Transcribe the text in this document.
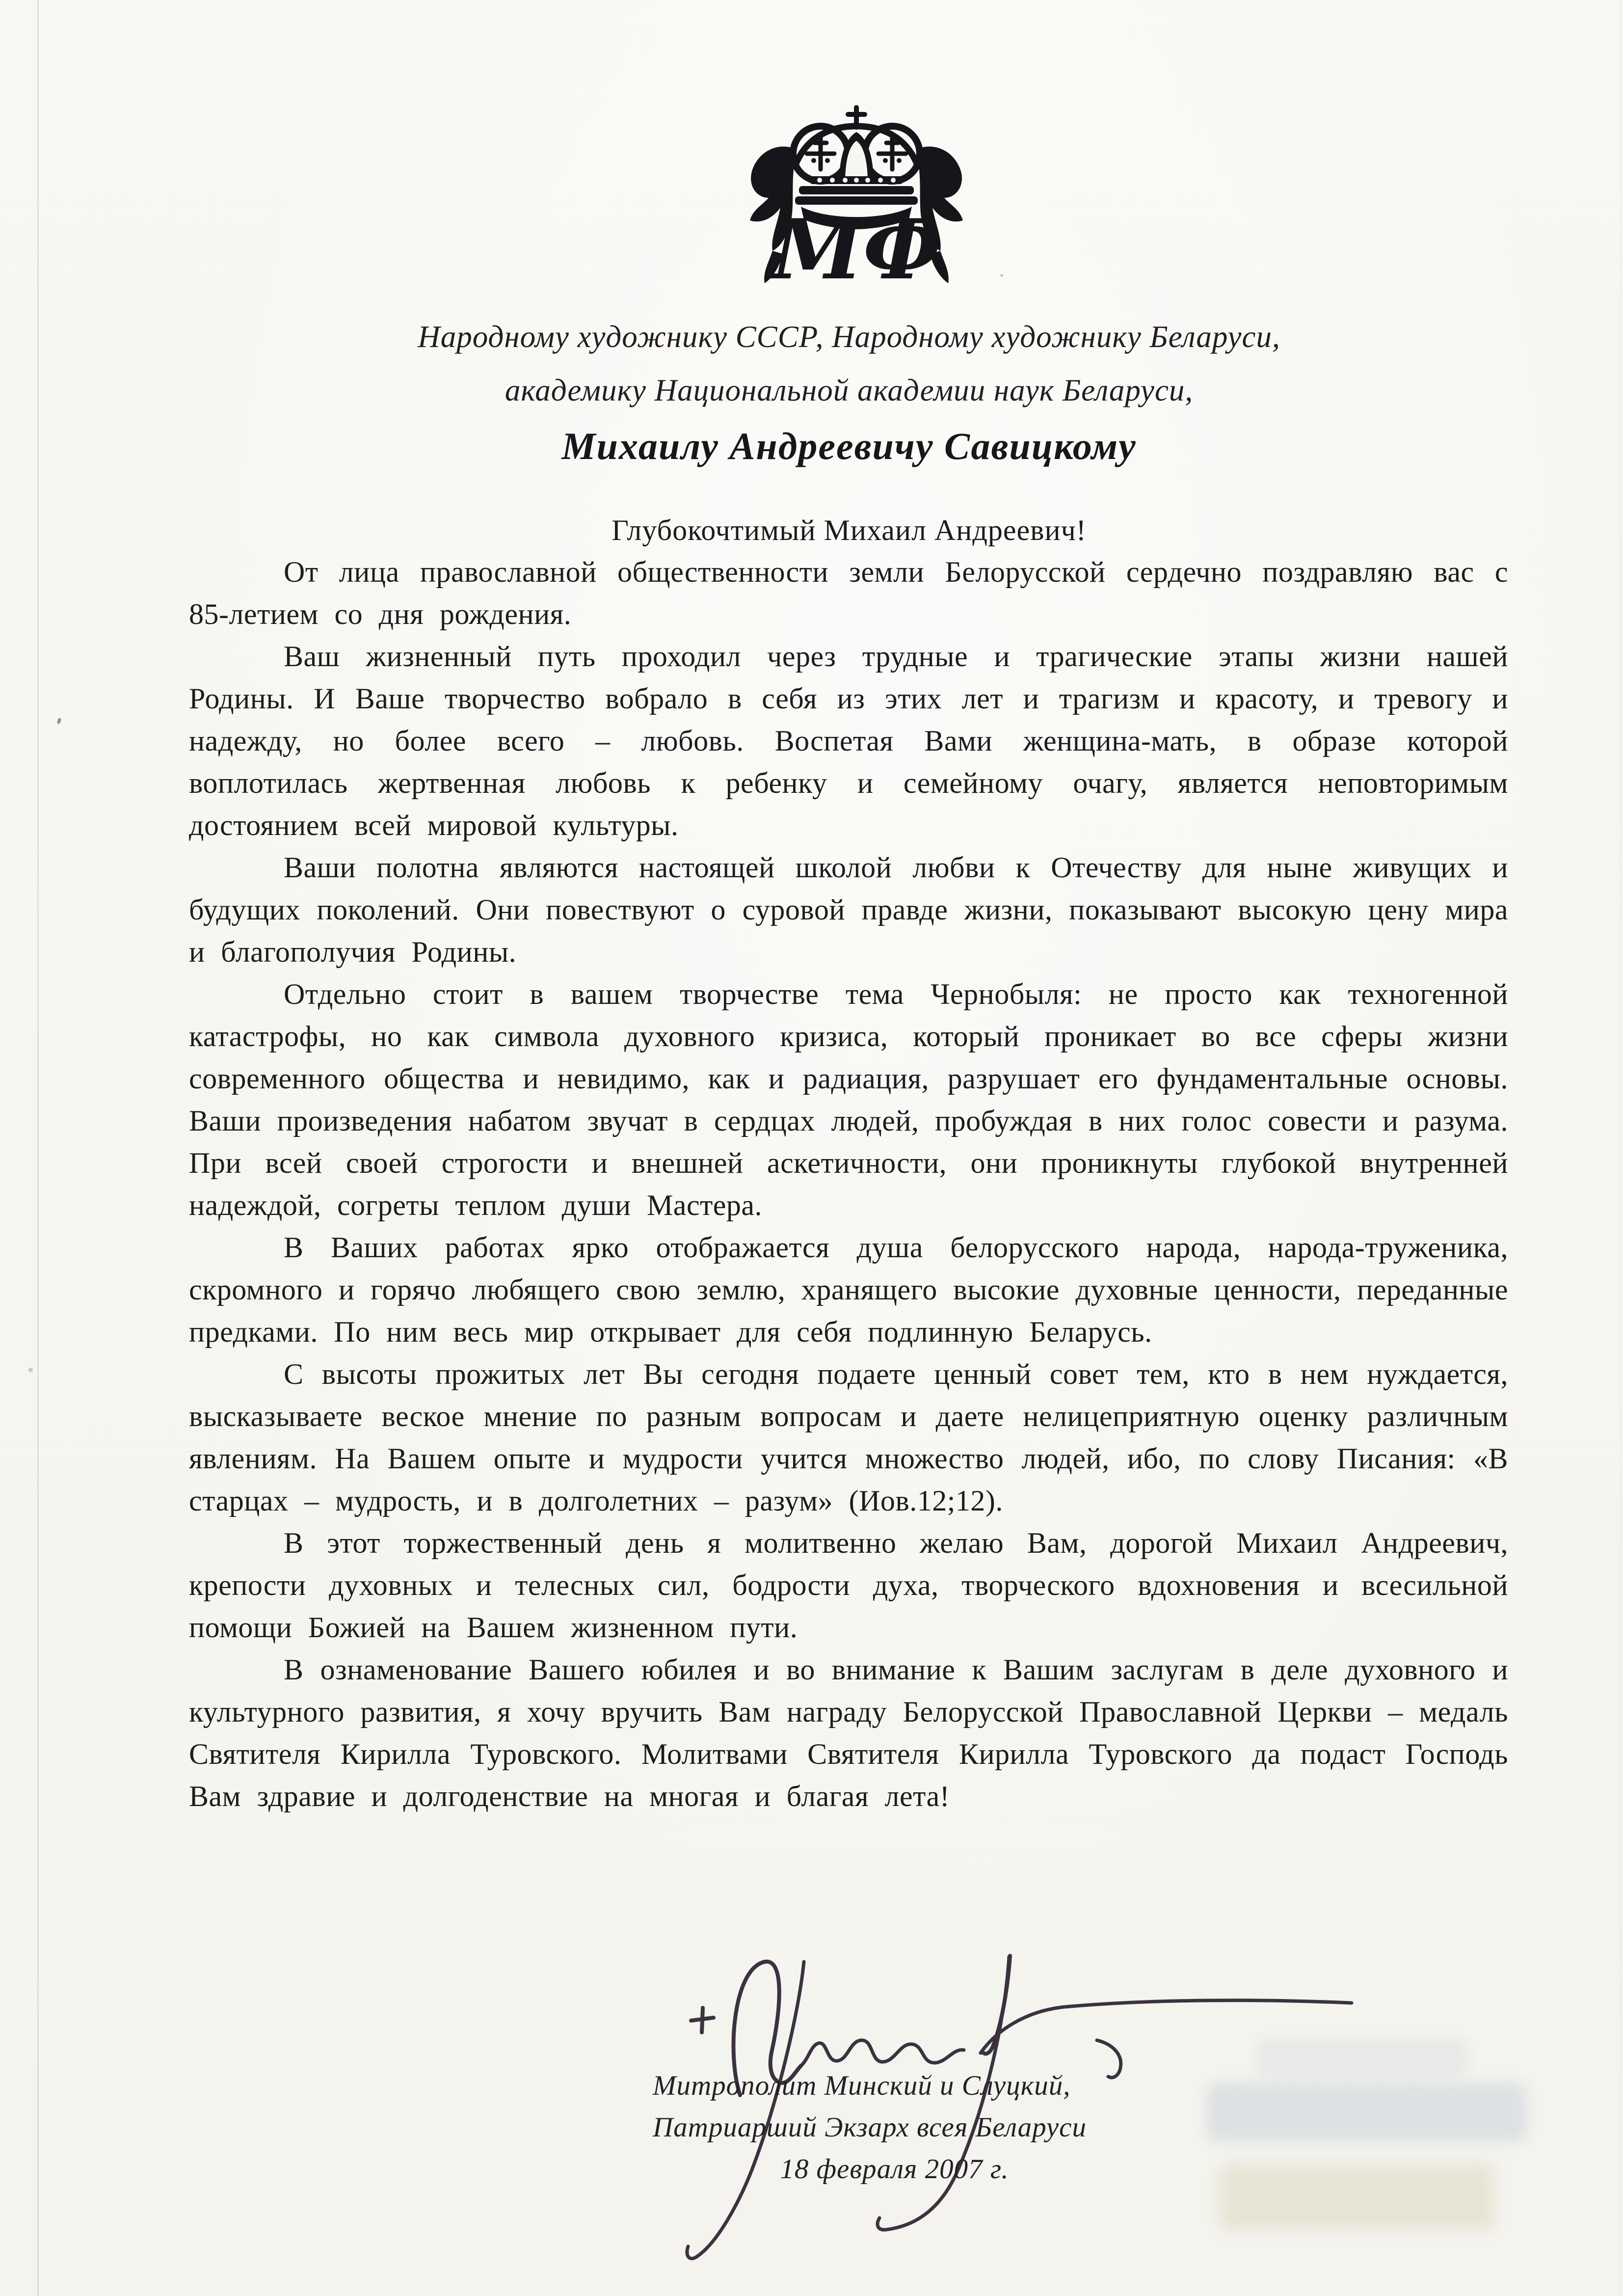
МФ
Народному художнику СССР, Народному художнику Беларуси,
академику Национальной академии наук Беларуси,
Михаилу Андреевичу Савицкому
Глубокочтимый Михаил Андреевич!

От лица православной общественности земли Белорусской сердечно поздравляю вас с 85-летием со дня рождения.

Ваш жизненный путь проходил через трудные и трагические этапы жизни нашей Родины. И Ваше творчество вобрало в себя из этих лет и трагизм и красоту, и тревогу и надежду, но более всего – любовь. Воспетая Вами женщина-мать, в образе которой воплотилась жертвенная любовь к ребенку и семейному очагу, является неповторимым достоянием всей мировой культуры.

Ваши полотна являются настоящей школой любви к Отечеству для ныне живущих и будущих поколений. Они повествуют о суровой правде жизни, показывают высокую цену мира и благополучия Родины.

Отдельно стоит в вашем творчестве тема Чернобыля: не просто как техногенной катастрофы, но как символа духовного кризиса, который проникает во все сферы жизни современного общества и невидимо, как и радиация, разрушает его фундаментальные основы. Ваши произведения набатом звучат в сердцах людей, пробуждая в них голос совести и разума. При всей своей строгости и внешней аскетичности, они проникнуты глубокой внутренней надеждой, согреты теплом души Мастера.

В Ваших работах ярко отображается душа белорусского народа, народа-труженика, скромного и горячо любящего свою землю, хранящего высокие духовные ценности, переданные предками. По ним весь мир открывает для себя подлинную Беларусь.

С высоты прожитых лет Вы сегодня подаете ценный совет тем, кто в нем нуждается, высказываете веское мнение по разным вопросам и даете нелицеприятную оценку различным явлениям. На Вашем опыте и мудрости учится множество людей, ибо, по слову Писания: «В старцах – мудрость, и в долголетних – разум» (Иов.12;12).

В этот торжественный день я молитвенно желаю Вам, дорогой Михаил Андреевич, крепости духовных и телесных сил, бодрости духа, творческого вдохновения и всесильной помощи Божией на Вашем жизненном пути.

В ознаменование Вашего юбилея и во внимание к Вашим заслугам в деле духовного и культурного развития, я хочу вручить Вам награду Белорусской Православной Церкви – медаль Святителя Кирилла Туровского. Молитвами Святителя Кирилла Туровского да подаст Господь Вам здравие и долгоденствие на многая и благая лета!

Митрополит Минский и Слуцкий,
Патриарший Экзарх всея Беларуси
18 февраля 2007 г.
